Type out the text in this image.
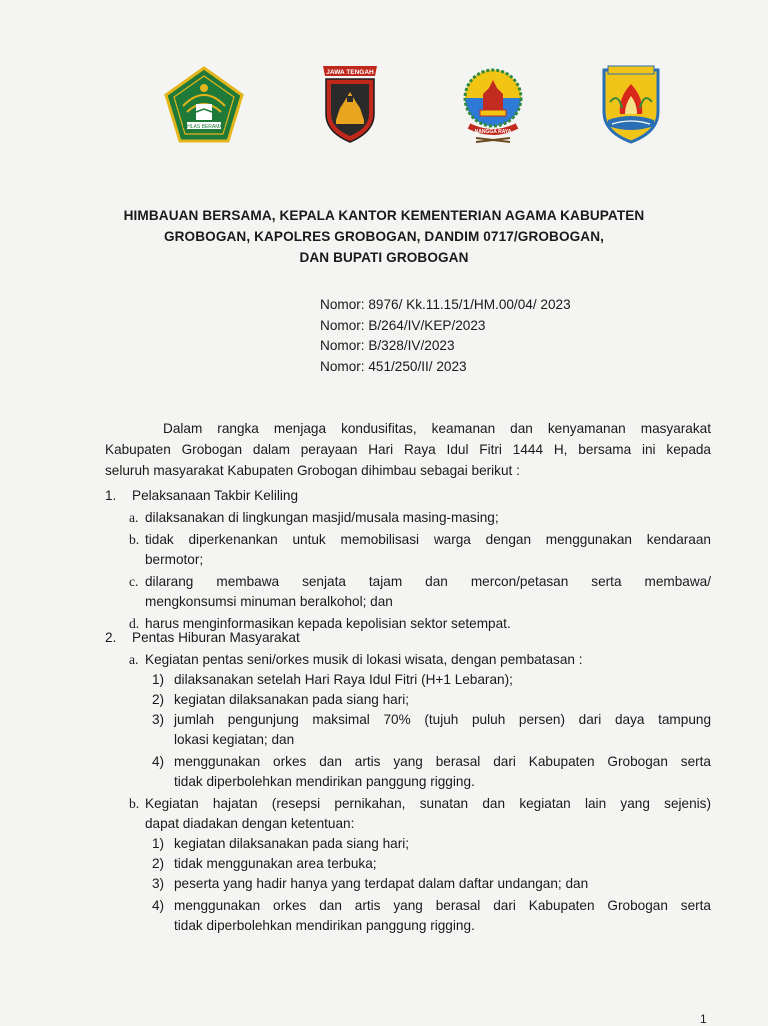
IKHLAS BERAMAL
JAWA TENGAH
NANGGA RAYA
HIMBAUAN BERSAMA, KEPALA KANTOR KEMENTERIAN AGAMA KABUPATEN
GROBOGAN, KAPOLRES GROBOGAN, DANDIM 0717/GROBOGAN,
DAN BUPATI GROBOGAN
Nomor: 8976/ Kk.11.15/1/HM.00/04/ 2023
Nomor: B/264/IV/KEP/2023
Nomor: B/328/IV/2023
Nomor: 451/250/II/ 2023
Dalam rangka menjaga kondusifitas, keamanan dan kenyamanan masyarakat
Kabupaten Grobogan dalam perayaan Hari Raya Idul Fitri 1444 H, bersama ini kepada
seluruh masyarakat Kabupaten Grobogan dihimbau sebagai berikut :
1. Pelaksanaan Takbir Keliling
a. dilaksanakan di lingkungan masjid/musala masing-masing;
b. tidak diperkenankan untuk memobilisasi warga dengan menggunakan kendaraan
bermotor;
c. dilarang membawa senjata tajam dan mercon/petasan serta membawa/
mengkonsumsi minuman beralkohol; dan
d. harus menginformasikan kepada kepolisian sektor setempat.
2. Pentas Hiburan Masyarakat
a. Kegiatan pentas seni/orkes musik di lokasi wisata, dengan pembatasan :
1) dilaksanakan setelah Hari Raya Idul Fitri (H+1 Lebaran);
2) kegiatan dilaksanakan pada siang hari;
3) jumlah pengunjung maksimal 70% (tujuh puluh persen) dari daya tampung
lokasi kegiatan; dan
4) menggunakan orkes dan artis yang berasal dari Kabupaten Grobogan serta
tidak diperbolehkan mendirikan panggung rigging.
b. Kegiatan hajatan (resepsi pernikahan, sunatan dan kegiatan lain yang sejenis)
dapat diadakan dengan ketentuan:
1) kegiatan dilaksanakan pada siang hari;
2) tidak menggunakan area terbuka;
3) peserta yang hadir hanya yang terdapat dalam daftar undangan; dan
4) menggunakan orkes dan artis yang berasal dari Kabupaten Grobogan serta
tidak diperbolehkan mendirikan panggung rigging.
1
